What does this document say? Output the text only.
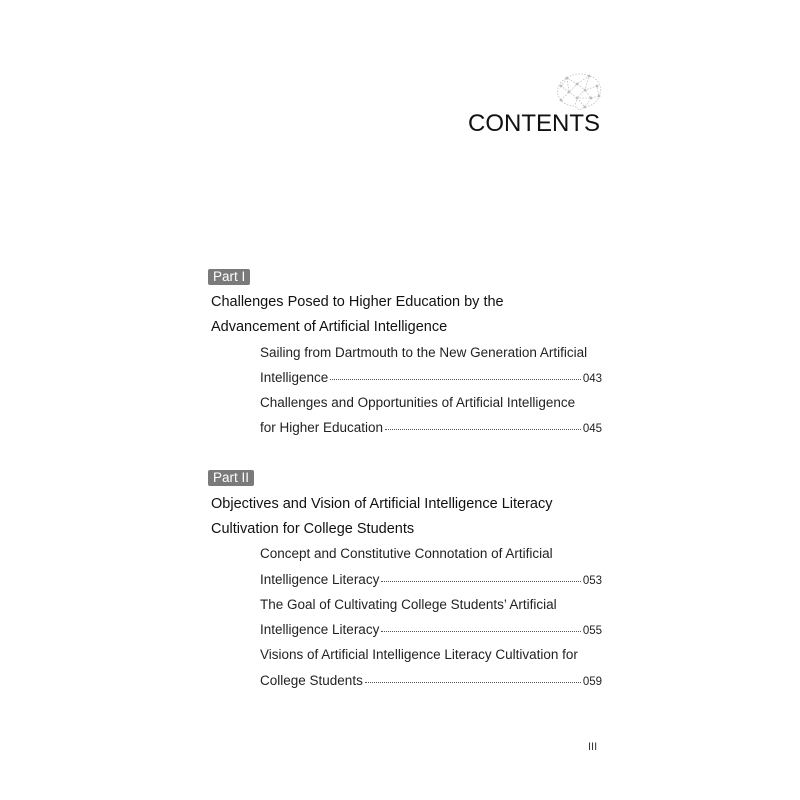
CONTENTS
Part I
Challenges Posed to Higher Education by the
Advancement of Artificial Intelligence
Sailing from Dartmouth to the New Generation Artificial
Intelligence	043
Challenges and Opportunities of Artificial Intelligence
for Higher Education	045
Part II
Objectives and Vision of Artificial Intelligence Literacy
Cultivation for College Students
Concept and Constitutive Connotation of Artificial
Intelligence Literacy	053
The Goal of Cultivating College Students’ Artificial
Intelligence Literacy	055
Visions of Artificial Intelligence Literacy Cultivation for
College Students	059
III
